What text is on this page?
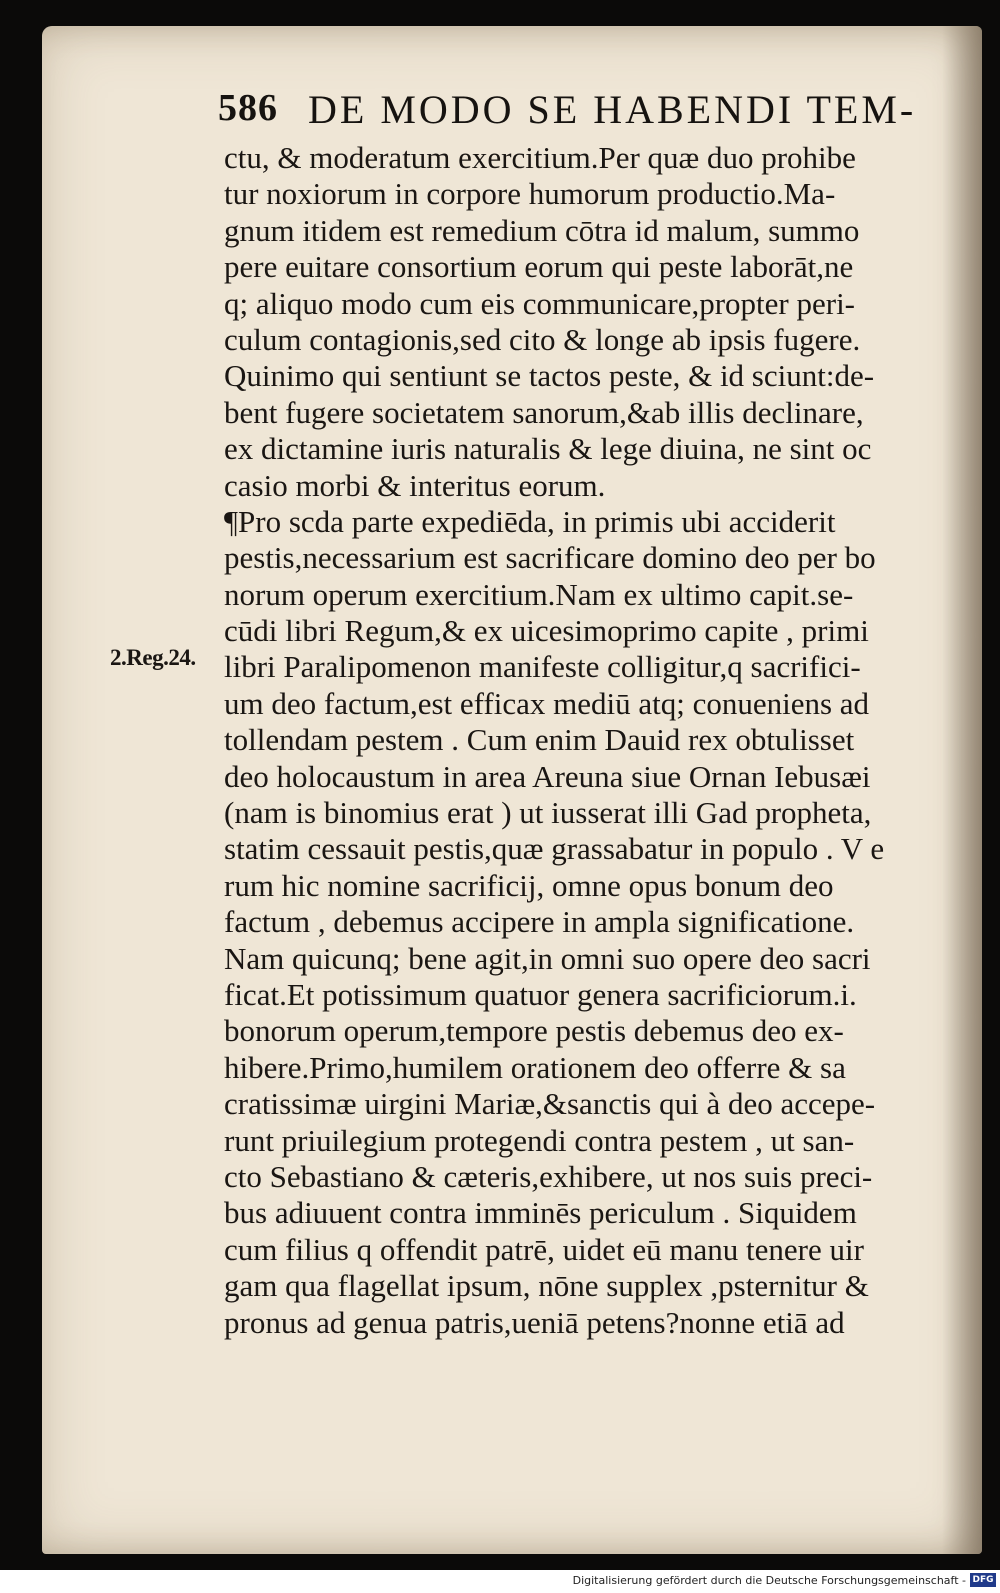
586 DE MODO SE HABENDI TEM-
2.Reg.24.
ctu, & moderatum exercitium.Per quæ duo prohibe
tur noxiorum in corpore humorum productio.Ma-
gnum itidem est remedium cōtra id malum, summo
pere euitare consortium eorum qui peste laborāt,ne
q; aliquo modo cum eis communicare,propter peri-
culum contagionis,sed cito & longe ab ipsis fugere.
Quinimo qui sentiunt se tactos peste, & id sciunt:de-
bent fugere societatem sanorum,&ab illis declinare,
ex dictamine iuris naturalis & lege diuina, ne sint oc
casio morbi & interitus eorum.
¶Pro scda parte expediēda, in primis ubi acciderit
pestis,necessarium est sacrificare domino deo per bo
norum operum exercitium.Nam ex ultimo capit.se-
cūdi libri Regum,& ex uicesimoprimo capite , primi
libri Paralipomenon manifeste colligitur,q sacrifici-
um deo factum,est efficax mediū atq; conueniens ad
tollendam pestem . Cum enim Dauid rex obtulisset
deo holocaustum in area Areuna siue Ornan Iebusæi
(nam is binomius erat ) ut iusserat illi Gad propheta,
statim cessauit pestis,quæ grassabatur in populo . V e
rum hic nomine sacrificij, omne opus bonum deo
factum , debemus accipere in ampla significatione.
Nam quicunq; bene agit,in omni suo opere deo sacri
ficat.Et potissimum quatuor genera sacrificiorum.i.
bonorum operum,tempore pestis debemus deo ex-
hibere.Primo,humilem orationem deo offerre & sa
cratissimæ uirgini Mariæ,&sanctis qui à deo accepe-
runt priuilegium protegendi contra pestem , ut san-
cto Sebastiano & cæteris,exhibere, ut nos suis preci-
bus adiuuent contra imminēs periculum . Siquidem
cum filius q offendit patrē, uidet eū manu tenere uir
gam qua flagellat ipsum, nōne supplex ,psternitur &
pronus ad genua patris,ueniā petens?nonne etiā ad
Digitalisierung gefördert durch die Deutsche Forschungsgemeinschaft - DFG
